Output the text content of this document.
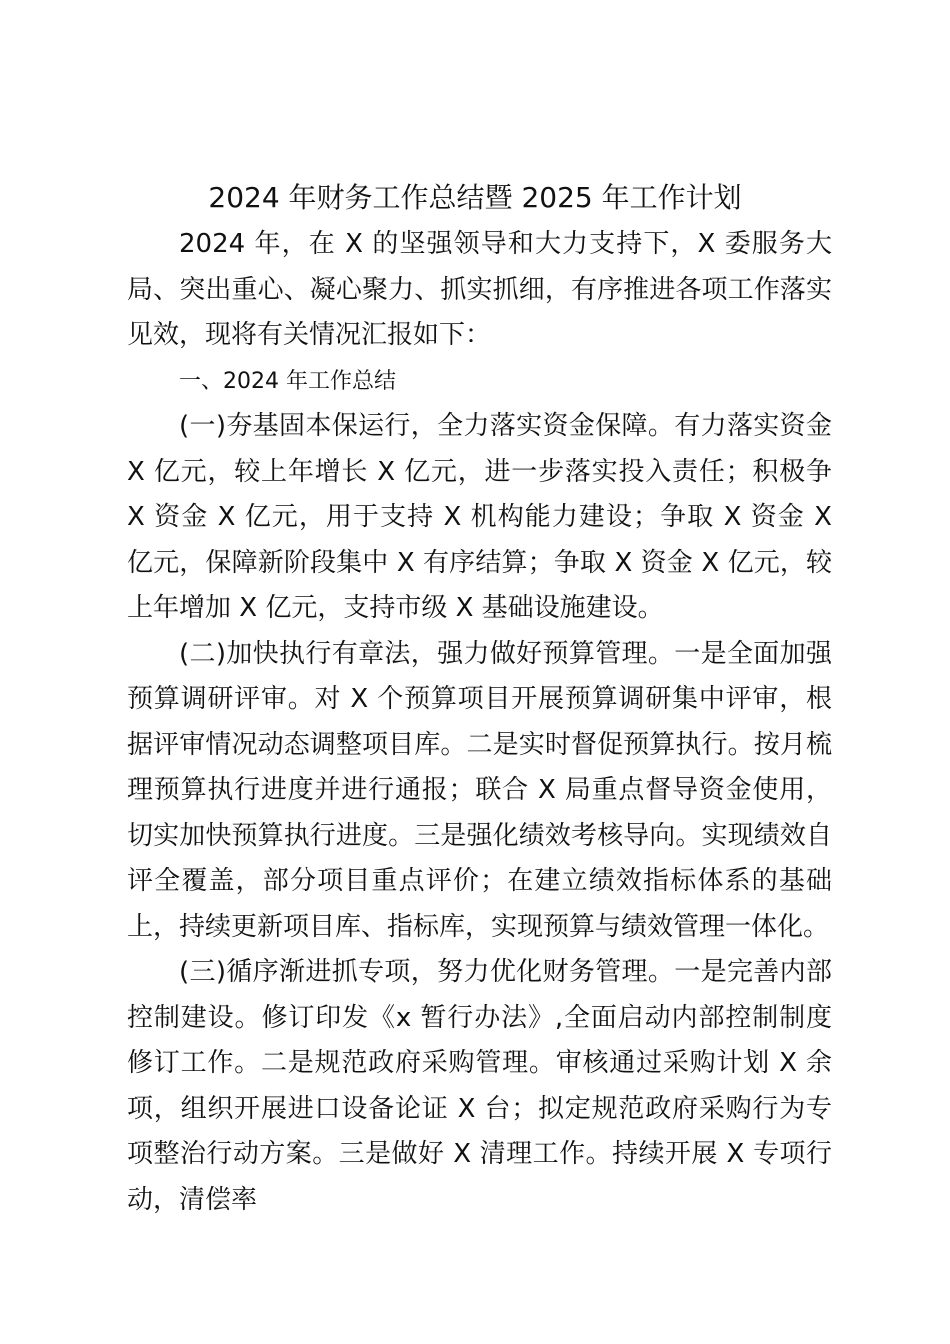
2024 年财务工作总结暨 2025 年工作计划

2024 年，在 X 的坚强领导和大力支持下，X 委服务大局、突出重心、凝心聚力、抓实抓细，有序推进各项工作落实见效，现将有关情况汇报如下：

一、2024 年工作总结

(一)夯基固本保运行，全力落实资金保障。有力落实资金 X 亿元，较上年增长 X 亿元，进一步落实投入责任；积极争 X 资金 X 亿元，用于支持 X 机构能力建设；争取 X 资金 X 亿元，保障新阶段集中 X 有序结算；争取 X 资金 X 亿元，较上年增加 X 亿元，支持市级 X 基础设施建设。

(二)加快执行有章法，强力做好预算管理。一是全面加强预算调研评审。对 X 个预算项目开展预算调研集中评审，根据评审情况动态调整项目库。二是实时督促预算执行。按月梳理预算执行进度并进行通报；联合 X 局重点督导资金使用，切实加快预算执行进度。三是强化绩效考核导向。实现绩效自评全覆盖，部分项目重点评价；在建立绩效指标体系的基础上，持续更新项目库、指标库，实现预算与绩效管理一体化。

(三)循序渐进抓专项，努力优化财务管理。一是完善内部控制建设。修订印发《x 暂行办法》,全面启动内部控制制度修订工作。二是规范政府采购管理。审核通过采购计划 X 余项，组织开展进口设备论证 X 台；拟定规范政府采购行为专项整治行动方案。三是做好 X 清理工作。持续开展 X 专项行动，清偿率
